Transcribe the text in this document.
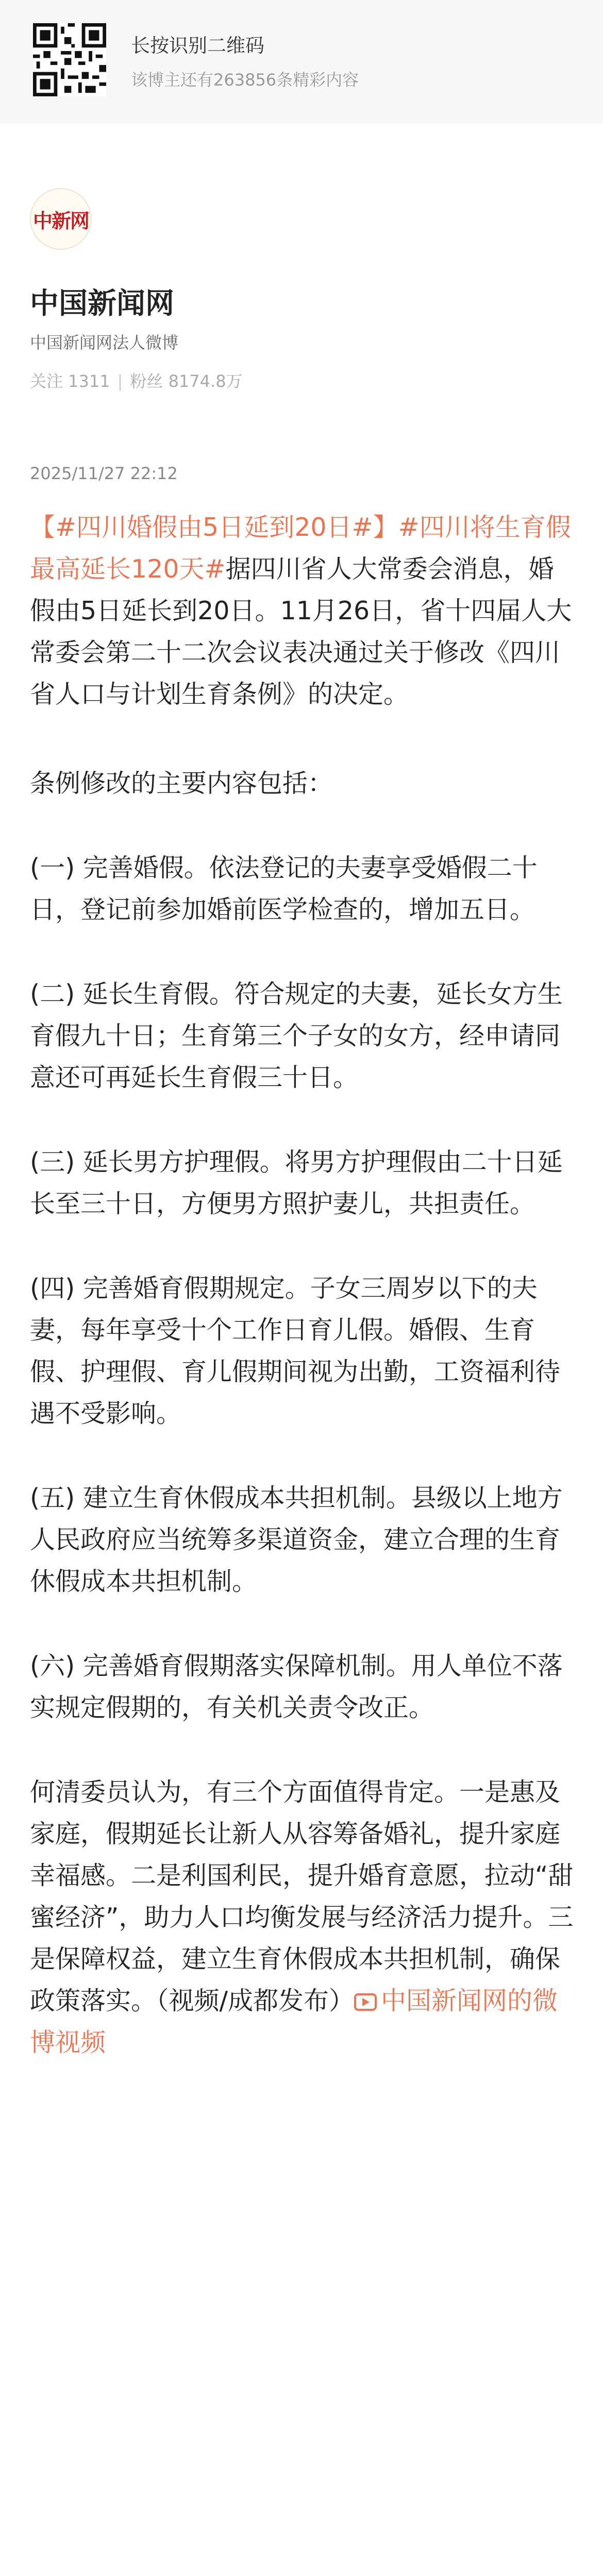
长按识别二维码
该博主还有263856条精彩内容
中新网
中国新闻网
中国新闻网法人微博
关注 1311 | 粉丝 8174.8万
2025/11/27 22:12

【#四川婚假由5日延到20日#】#四川将生育假最高延长120天#据四川省人大常委会消息，婚假由5日延长到20日。11月26日，省十四届人大常委会第二十二次会议表决通过关于修改《四川省人口与计划生育条例》的决定。

条例修改的主要内容包括：

(一) 完善婚假。依法登记的夫妻享受婚假二十日，登记前参加婚前医学检查的，增加五日。

(二) 延长生育假。符合规定的夫妻，延长女方生育假九十日；生育第三个子女的女方，经申请同意还可再延长生育假三十日。

(三) 延长男方护理假。将男方护理假由二十日延长至三十日，方便男方照护妻儿，共担责任。

(四) 完善婚育假期规定。子女三周岁以下的夫妻，每年享受十个工作日育儿假。婚假、生育假、护理假、育儿假期间视为出勤，工资福利待遇不受影响。

(五) 建立生育休假成本共担机制。县级以上地方人民政府应当统筹多渠道资金，建立合理的生育休假成本共担机制。

(六) 完善婚育假期落实保障机制。用人单位不落实规定假期的，有关机关责令改正。

何清委员认为，有三个方面值得肯定。一是惠及家庭，假期延长让新人从容筹备婚礼，提升家庭幸福感。二是利国利民，提升婚育意愿，拉动“甜蜜经济”，助力人口均衡发展与经济活力提升。三是保障权益，建立生育休假成本共担机制，确保政策落实。（视频/成都发布） 中国新闻网的微博视频
